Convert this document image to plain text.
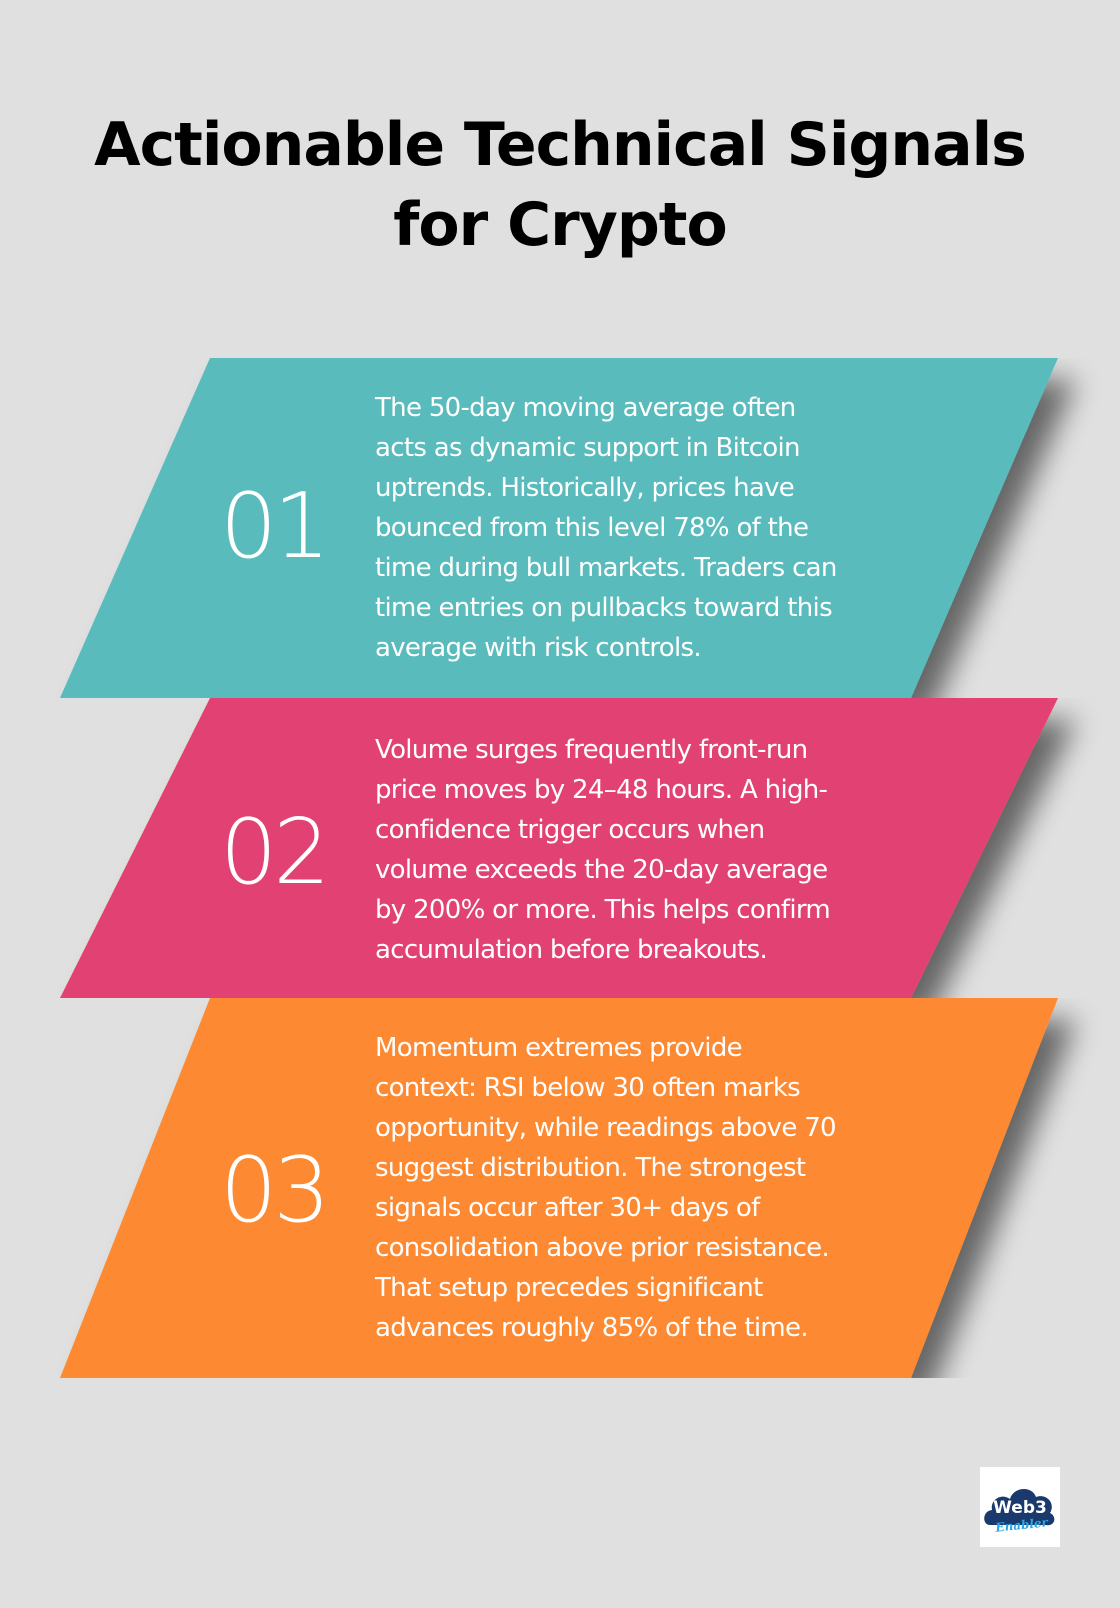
Actionable Technical Signals
for Crypto
01
The 50-day moving average often
acts as dynamic support in Bitcoin
uptrends. Historically, prices have
bounced from this level 78% of the
time during bull markets. Traders can
time entries on pullbacks toward this
average with risk controls.
02
Volume surges frequently front-run
price moves by 24–48 hours. A high-
confidence trigger occurs when
volume exceeds the 20-day average
by 200% or more. This helps confirm
accumulation before breakouts.
03
Momentum extremes provide
context: RSI below 30 often marks
opportunity, while readings above 70
suggest distribution. The strongest
signals occur after 30+ days of
consolidation above prior resistance.
That setup precedes significant
advances roughly 85% of the time.
Web3
Enabler
